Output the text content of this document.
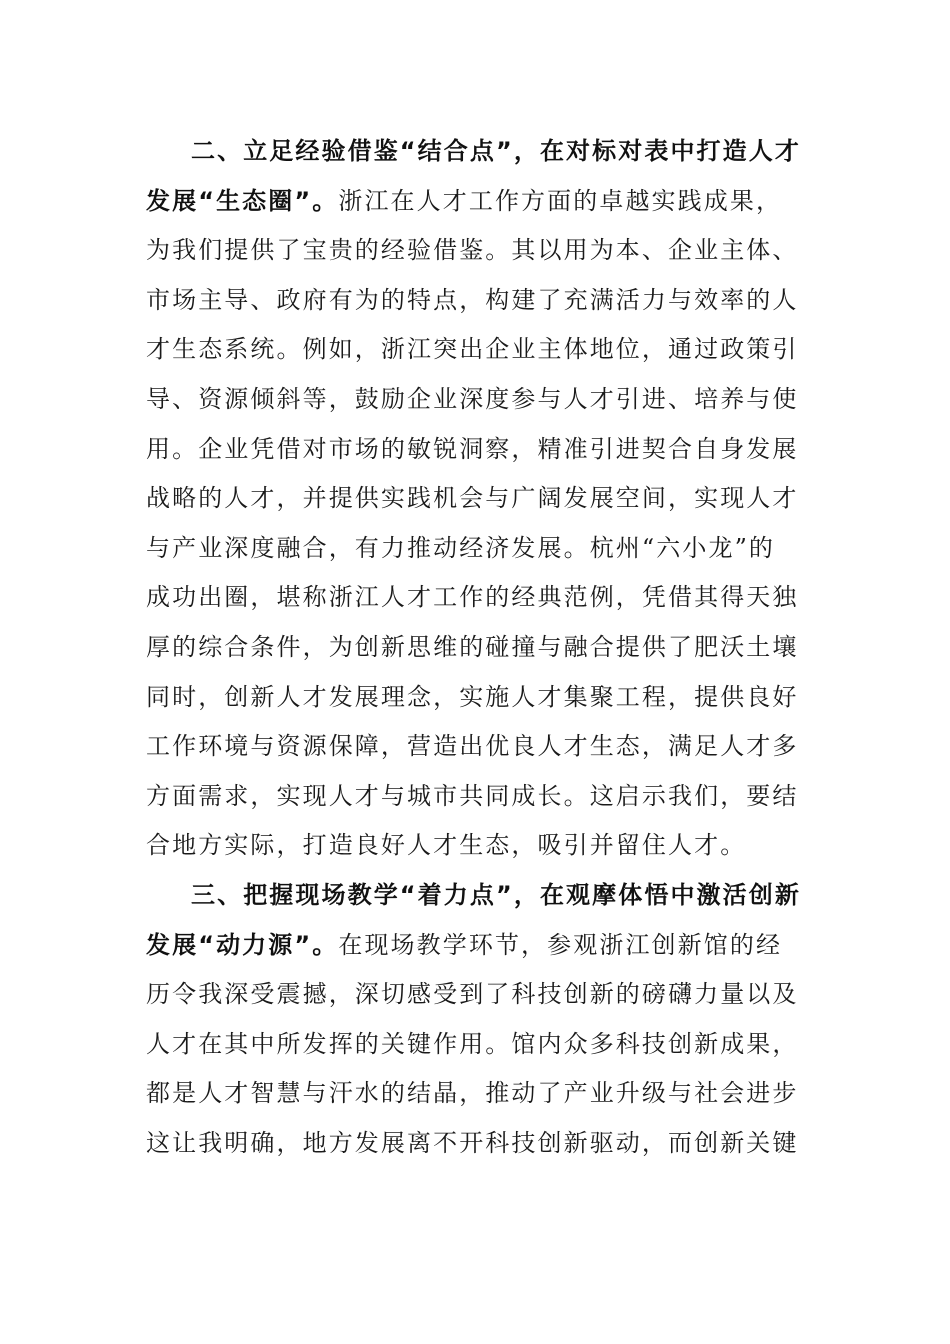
二、立足经验借鉴“结合点”，在对标对表中打造人才
发展“生态圈”。浙江在人才工作方面的卓越实践成果，
为我们提供了宝贵的经验借鉴。其以用为本、企业主体、
市场主导、政府有为的特点，构建了充满活力与效率的人
才生态系统。例如，浙江突出企业主体地位，通过政策引
导、资源倾斜等，鼓励企业深度参与人才引进、培养与使
用。企业凭借对市场的敏锐洞察，精准引进契合自身发展
战略的人才，并提供实践机会与广阔发展空间，实现人才
与产业深度融合，有力推动经济发展。杭州“六小龙”的
成功出圈，堪称浙江人才工作的经典范例，凭借其得天独
厚的综合条件，为创新思维的碰撞与融合提供了肥沃土壤
同时，创新人才发展理念，实施人才集聚工程，提供良好
工作环境与资源保障，营造出优良人才生态，满足人才多
方面需求，实现人才与城市共同成长。这启示我们，要结
合地方实际，打造良好人才生态，吸引并留住人才。
三、把握现场教学“着力点”，在观摩体悟中激活创新
发展“动力源”。在现场教学环节，参观浙江创新馆的经
历令我深受震撼，深切感受到了科技创新的磅礴力量以及
人才在其中所发挥的关键作用。馆内众多科技创新成果，
都是人才智慧与汗水的结晶，推动了产业升级与社会进步
这让我明确，地方发展离不开科技创新驱动，而创新关键
